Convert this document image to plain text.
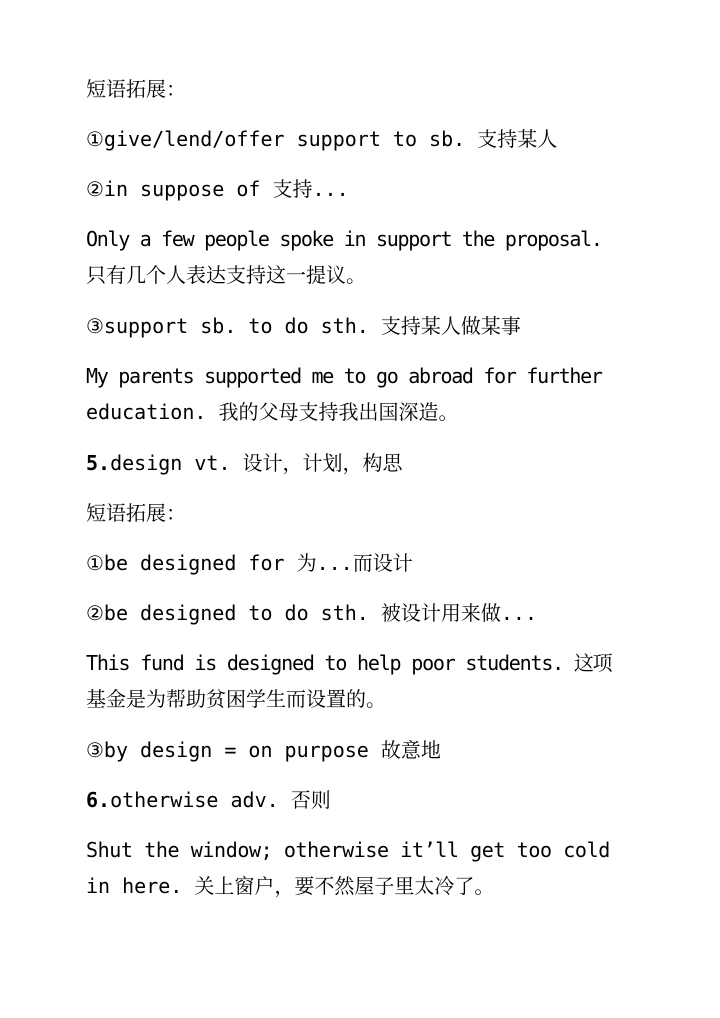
短语拓展：
①give/lend/offer support to sb. 支持某人
②in suppose of 支持...
Only a few people spoke in support the proposal.
只有几个人表达支持这一提议。
③support sb. to do sth. 支持某人做某事
My parents supported me to go abroad for further
education. 我的父母支持我出国深造。
5.design vt. 设计，计划，构思
短语拓展：
①be designed for 为...而设计
②be designed to do sth. 被设计用来做...
This fund is designed to help poor students. 这项
基金是为帮助贫困学生而设置的。
③by design = on purpose 故意地
6.otherwise adv. 否则
Shut the window; otherwise it’ll get too cold
in here. 关上窗户，要不然屋子里太冷了。
